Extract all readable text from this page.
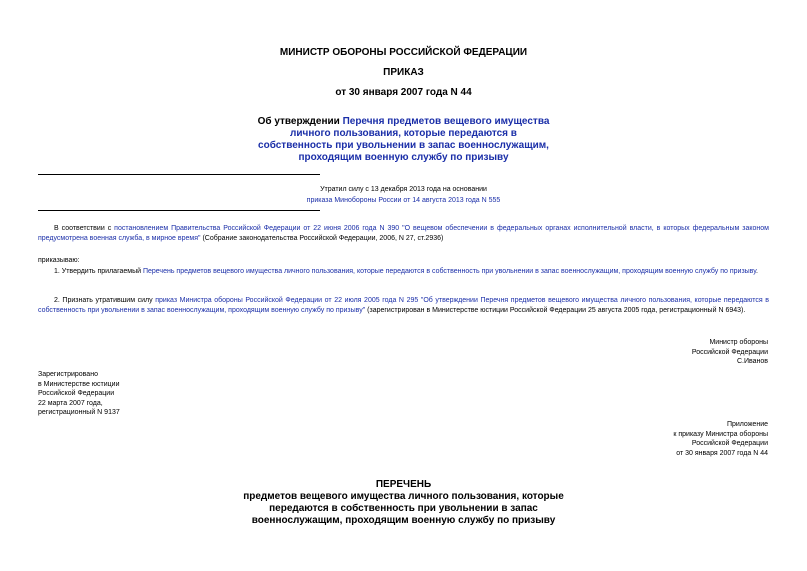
МИНИСТР ОБОРОНЫ РОССИЙСКОЙ ФЕДЕРАЦИИ
ПРИКАЗ
от 30 января 2007 года N 44
Об утверждении Перечня предметов вещевого имущества личного пользования, которые передаются в собственность при увольнении в запас военнослужащим, проходящим военную службу по призыву

Утратил силу с 13 декабря 2013 года на основании

приказа Минобороны России от 14 августа 2013 года N 555

В соответствии с постановлением Правительства Российской Федерации от 22 июня 2006 года N 390 "О вещевом обеспечении в федеральных органах исполнительной власти, в которых федеральным законом предусмотрена военная служба, в мирное время" (Собрание законодательства Российской Федерации, 2006, N 27, ст.2936)
приказываю:
1. Утвердить прилагаемый Перечень предметов вещевого имущества личного пользования, которые передаются в собственность при увольнении в запас военнослужащим, проходящим военную службу по призыву.
2. Признать утратившим силу приказ Министра обороны Российской Федерации от 22 июля 2005 года N 295 "Об утверждении Перечня предметов вещевого имущества личного пользования, которые передаются в собственность при увольнении в запас военнослужащим, проходящим военную службу по призыву" (зарегистрирован в Министерстве юстиции Российской Федерации 25 августа 2005 года, регистрационный N 6943).

Министр обороны

Российской Федерации

С.Иванов

Зарегистрировано

в Министерстве юстиции

Российской Федерации

22 марта 2007 года,

регистрационный N 9137

Приложение

к приказу Министра обороны

Российской Федерации

от 30 января 2007 года N 44

ПЕРЕЧЕНЬ
предметов вещевого имущества личного пользования, которые передаются в собственность при увольнении в запас военнослужащим, проходящим военную службу по призыву
